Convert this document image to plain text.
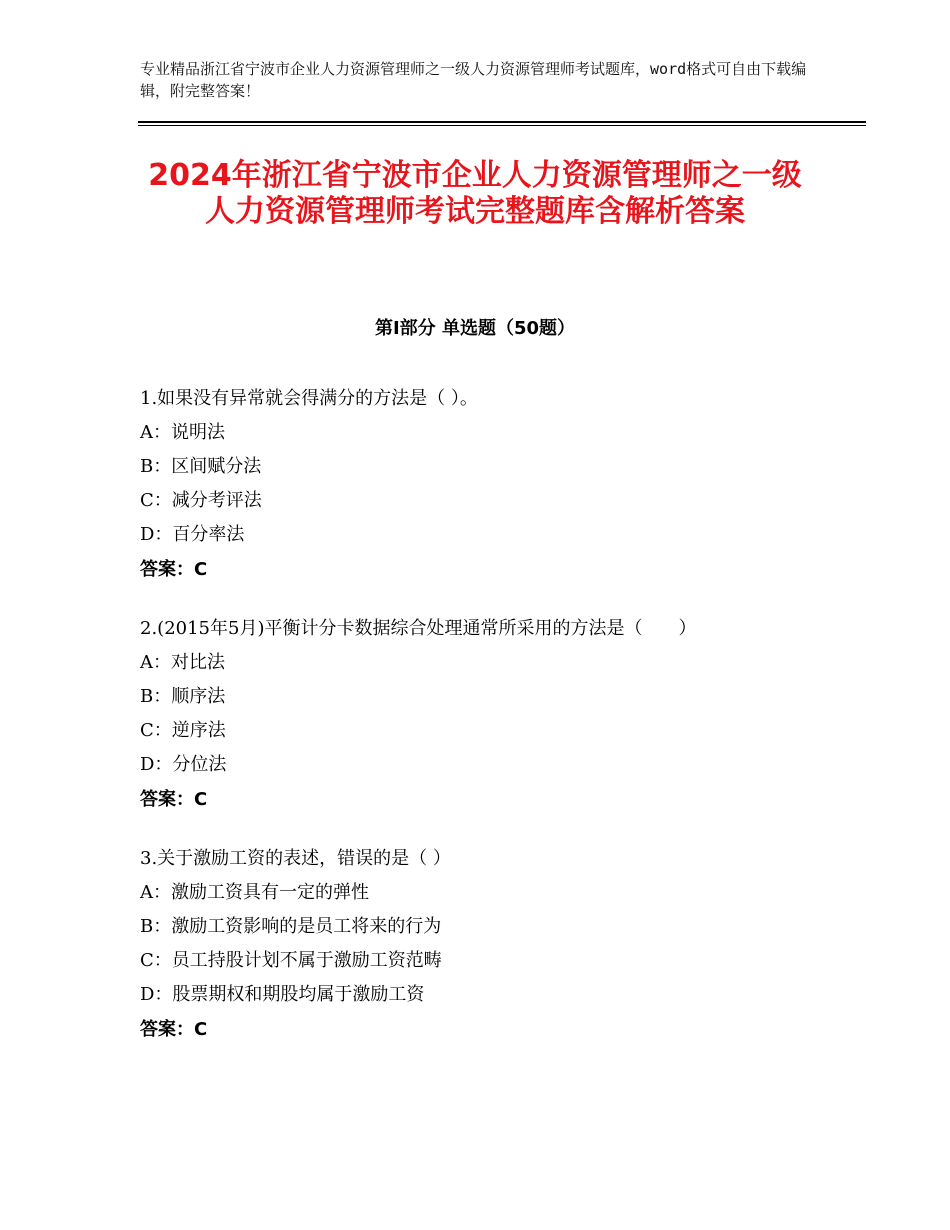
专业精品浙江省宁波市企业人力资源管理师之一级人力资源管理师考试题库，word格式可自由下载编辑，附完整答案！
2024年浙江省宁波市企业人力资源管理师之一级人力资源管理师考试完整题库含解析答案
第Ⅰ部分 单选题（50题）
1.如果没有异常就会得满分的方法是（ ）。
A：说明法
B：区间赋分法
C：减分考评法
D：百分率法
答案：C
2.(2015年5月)平衡计分卡数据综合处理通常所采用的方法是（　　）
A：对比法
B：顺序法
C：逆序法
D：分位法
答案：C
3.关于激励工资的表述，错误的是（ ）
A：激励工资具有一定的弹性
B：激励工资影响的是员工将来的行为
C：员工持股计划不属于激励工资范畴
D：股票期权和期股均属于激励工资
答案：C
